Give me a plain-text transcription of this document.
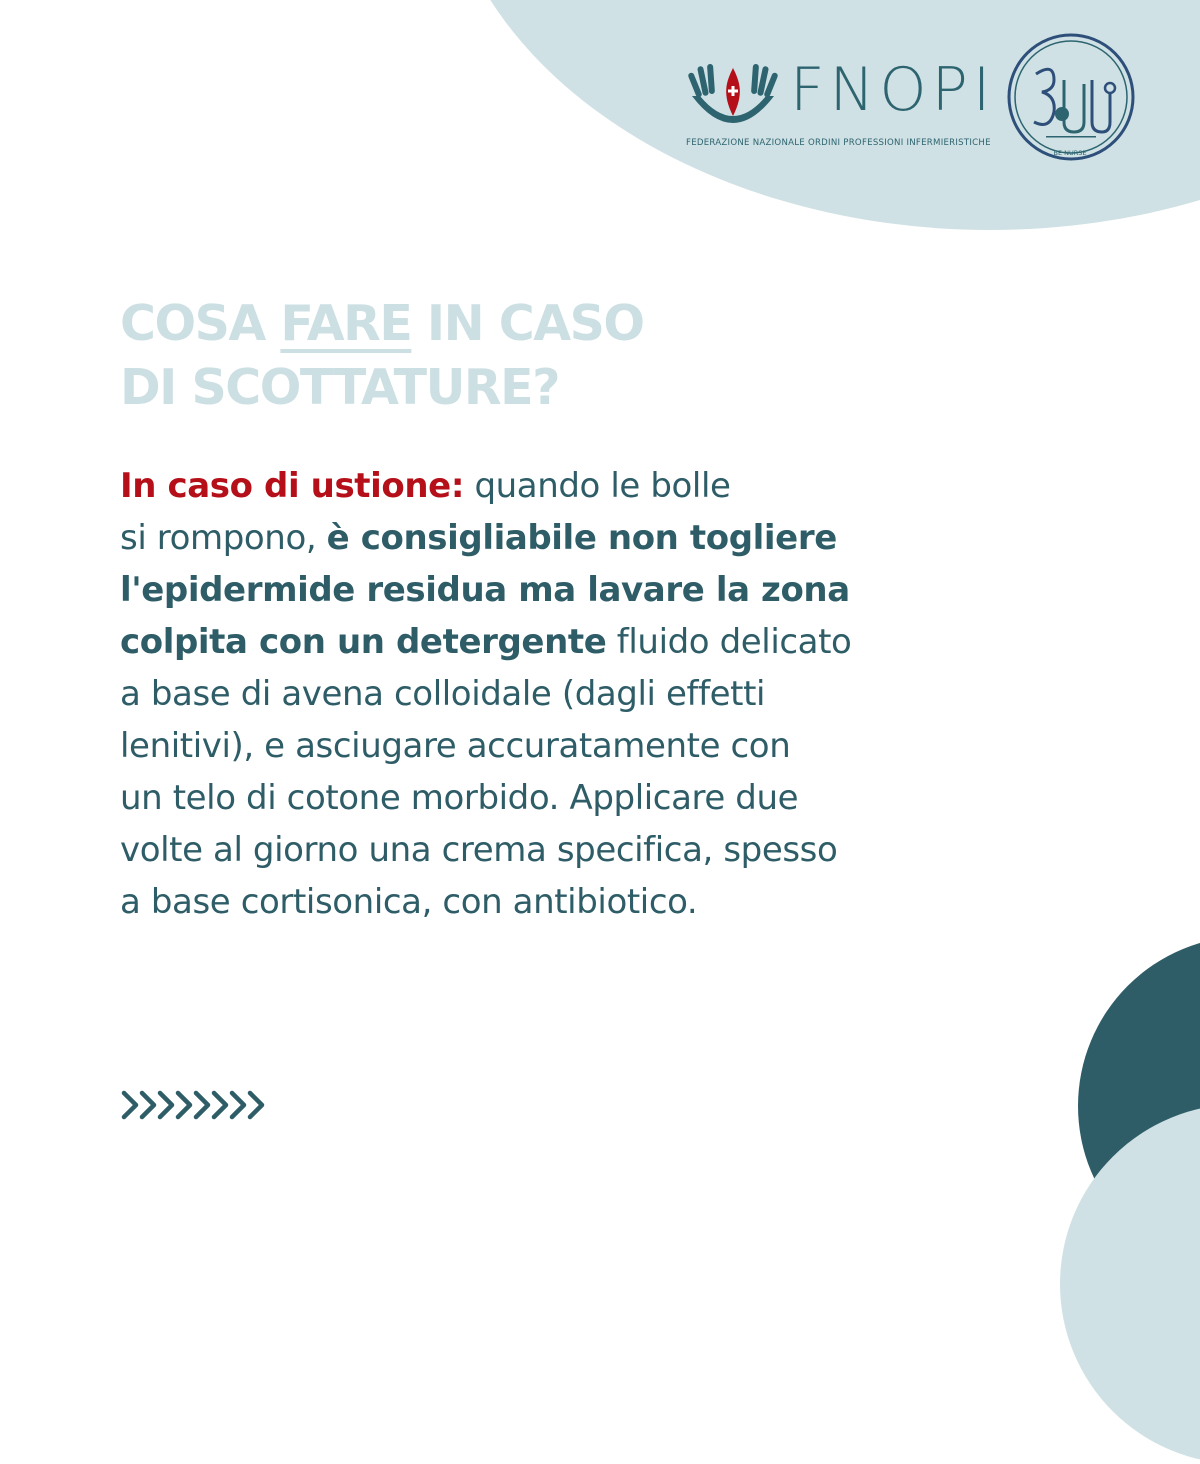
FNOPI
FEDERAZIONE NAZIONALE ORDINI PROFESSIONI INFERMIERISTICHE
BE NURSE
COSA FARE IN CASO
DI SCOTTATURE?
In caso di ustione: quando le bolle
si rompono, è consigliabile non togliere
l'epidermide residua ma lavare la zona
colpita con un detergente fluido delicato
a base di avena colloidale (dagli effetti
lenitivi), e asciugare accuratamente con
un telo di cotone morbido. Applicare due
volte al giorno una crema specifica, spesso
a base cortisonica, con antibiotico.
